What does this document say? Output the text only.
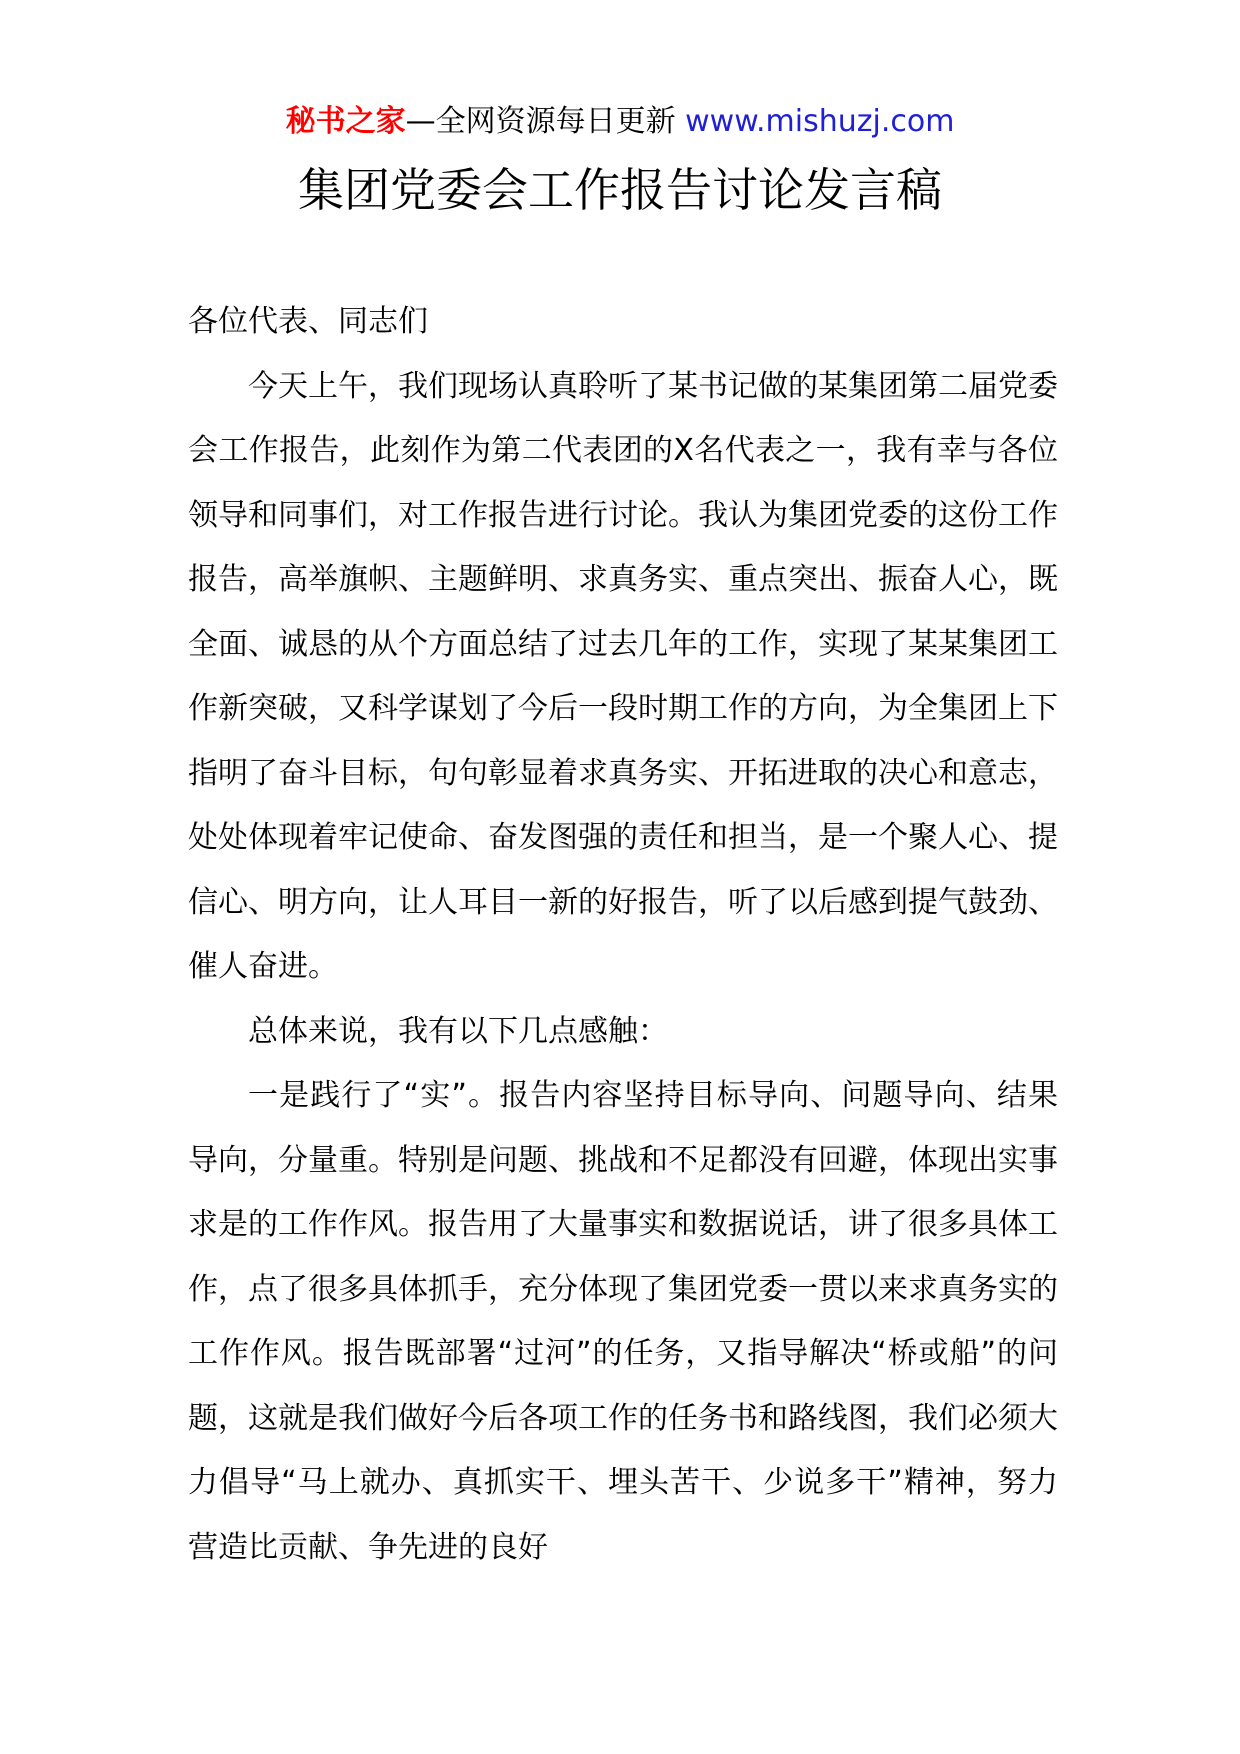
秘书之家—全网资源每日更新 www.mishuzj.com
集团党委会工作报告讨论发言稿

各位代表、同志们

今天上午，我们现场认真聆听了某书记做的某集团第二届党委会工作报告，此刻作为第二代表团的X名代表之一，我有幸与各位领导和同事们，对工作报告进行讨论。我认为集团党委的这份工作报告，高举旗帜、主题鲜明、求真务实、重点突出、振奋人心，既全面、诚恳的从个方面总结了过去几年的工作，实现了某某集团工作新突破，又科学谋划了今后一段时期工作的方向，为全集团上下指明了奋斗目标，句句彰显着求真务实、开拓进取的决心和意志，处处体现着牢记使命、奋发图强的责任和担当，是一个聚人心、提信心、明方向，让人耳目一新的好报告，听了以后感到提气鼓劲、催人奋进。

总体来说，我有以下几点感触：

一是践行了“实”。报告内容坚持目标导向、问题导向、结果导向，分量重。特别是问题、挑战和不足都没有回避，体现出实事求是的工作作风。报告用了大量事实和数据说话，讲了很多具体工作，点了很多具体抓手，充分体现了集团党委一贯以来求真务实的工作作风。报告既部署“过河”的任务，又指导解决“桥或船”的问题，这就是我们做好今后各项工作的任务书和路线图，我们必须大力倡导“马上就办、真抓实干、埋头苦干、少说多干”精神，努力营造比贡献、争先进的良好
